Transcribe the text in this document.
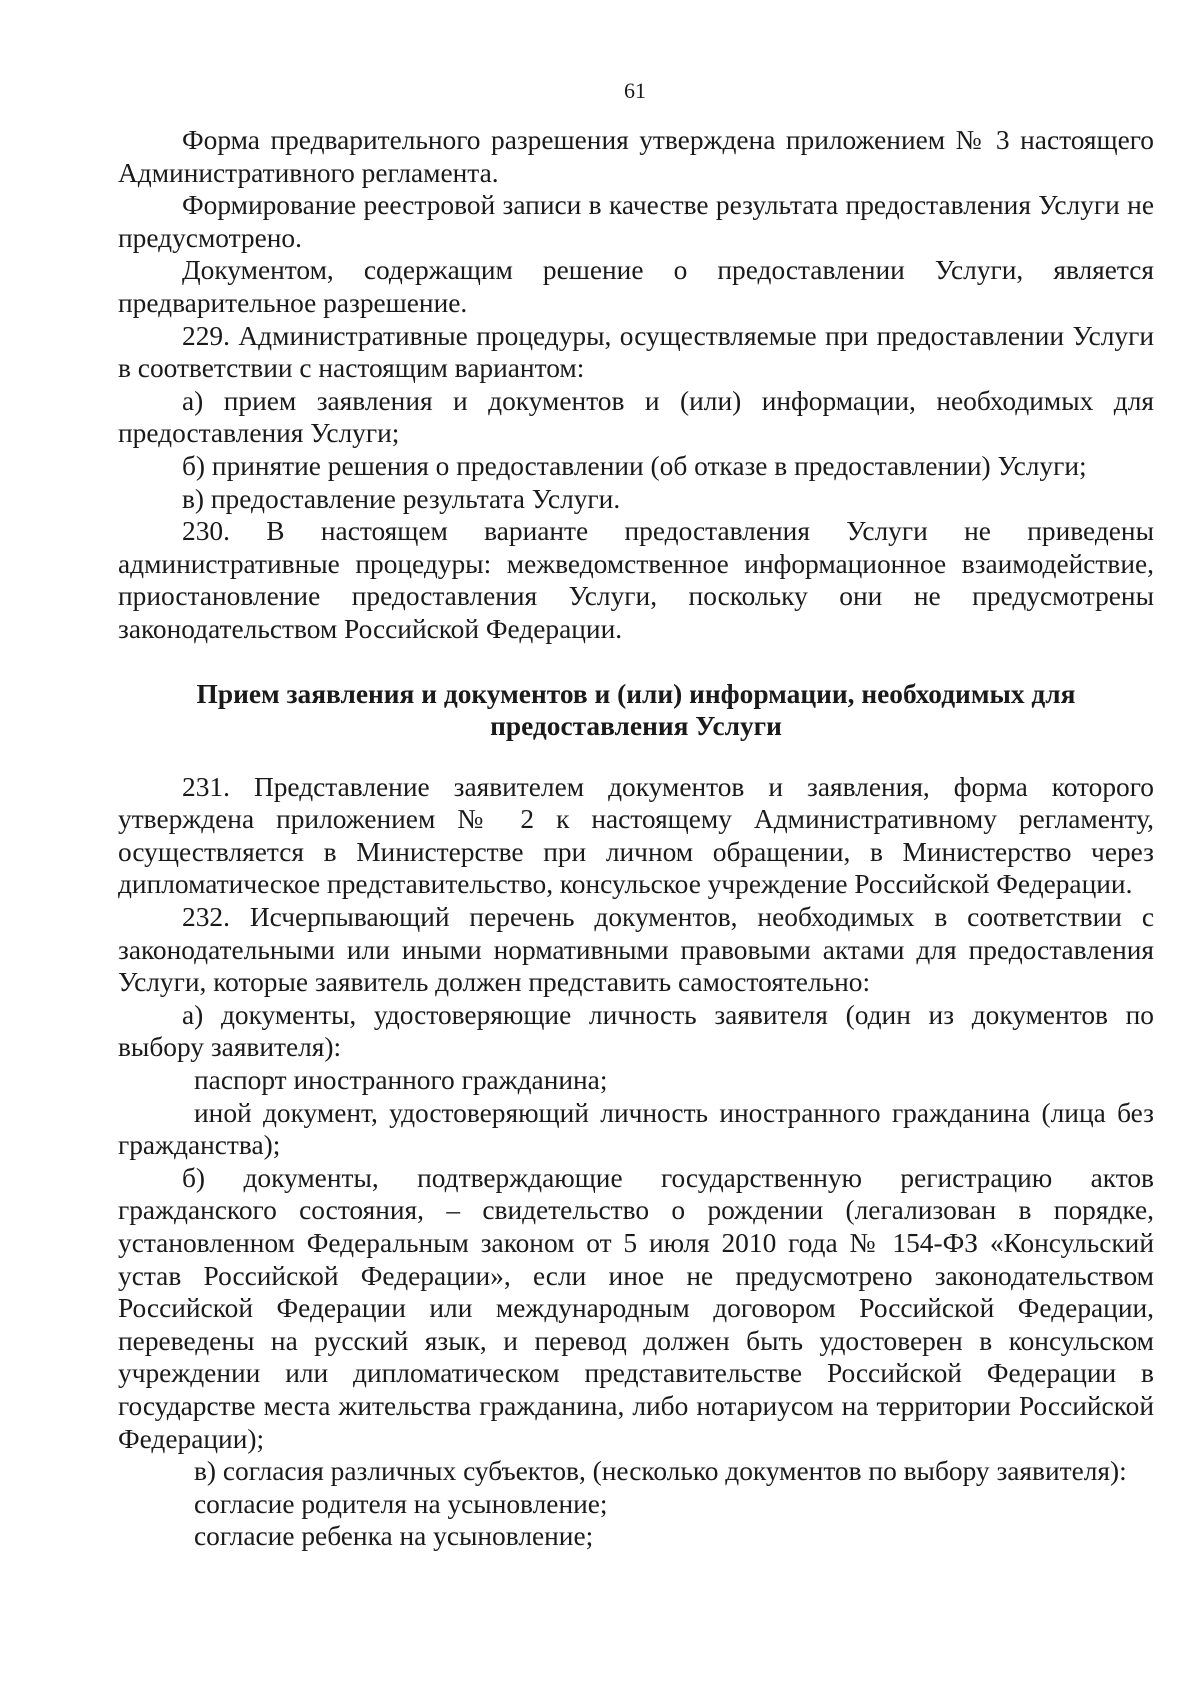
61

Форма предварительного разрешения утверждена приложением № 3 настоящего Административного регламента.

Формирование реестровой записи в качестве результата предоставления Услуги не предусмотрено.

Документом, содержащим решение о предоставлении Услуги, является предварительное разрешение.

229. Административные процедуры, осуществляемые при предоставлении Услуги в соответствии с настоящим вариантом:

а) прием заявления и документов и (или) информации, необходимых для предоставления Услуги;

б) принятие решения о предоставлении (об отказе в предоставлении) Услуги;

в) предоставление результата Услуги.

230. В настоящем варианте предоставления Услуги не приведены административные процедуры: межведомственное информационное взаимодействие, приостановление предоставления Услуги, поскольку они не предусмотрены законодательством Российской Федерации.

Прием заявления и документов и (или) информации, необходимых для
предоставления Услуги

231. Представление заявителем документов и заявления, форма которого утверждена приложением № 2 к настоящему Административному регламенту, осуществляется в Министерстве при личном обращении, в Министерство через дипломатическое представительство, консульское учреждение Российской Федерации.

232. Исчерпывающий перечень документов, необходимых в соответствии с законодательными или иными нормативными правовыми актами для предоставления Услуги, которые заявитель должен представить самостоятельно:

а) документы, удостоверяющие личность заявителя (один из документов по выбору заявителя):

паспорт иностранного гражданина;

иной документ, удостоверяющий личность иностранного гражданина (лица без гражданства);

б) документы, подтверждающие государственную регистрацию актов гражданского состояния, – свидетельство о рождении (легализован в порядке, установленном Федеральным законом от 5 июля 2010 года № 154-ФЗ «Консульский устав Российской Федерации», если иное не предусмотрено законодательством Российской Федерации или международным договором Российской Федерации, переведены на русский язык, и перевод должен быть удостоверен в консульском учреждении или дипломатическом представительстве Российской Федерации в государстве места жительства гражданина, либо нотариусом на территории Российской Федерации);

в) согласия различных субъектов, (несколько документов по выбору заявителя):

согласие родителя на усыновление;

согласие ребенка на усыновление;
